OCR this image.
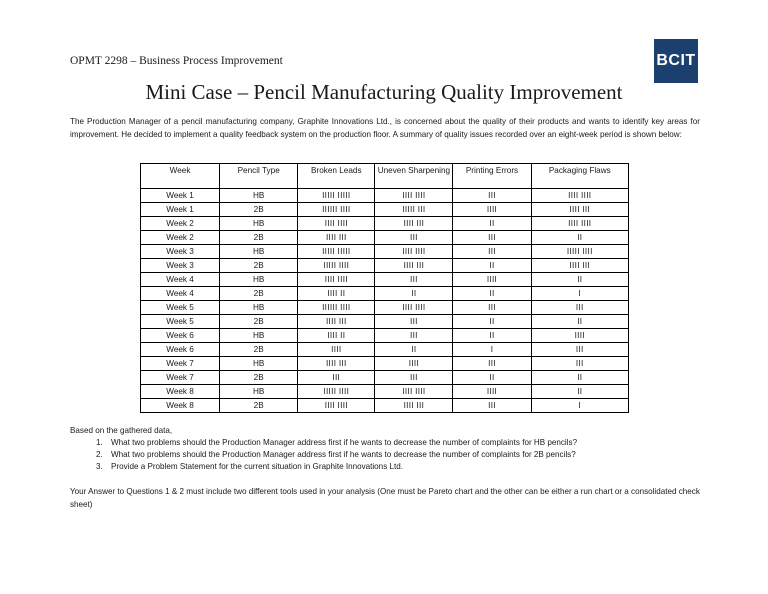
OPMT 2298 – Business Process Improvement	BCIT
Mini Case – Pencil Manufacturing Quality Improvement

The Production Manager of a pencil manufacturing company, Graphite Innovations Ltd., is concerned about the quality of their products and wants to identify key areas for improvement. He decided to implement a quality feedback system on the production floor. A summary of quality issues recorded over an eight-week period is shown below:

Week	Pencil Type	Broken Leads	Uneven Sharpening	Printing Errors	Packaging Flaws
Week 1	HB	IIIII IIIII	IIII IIII	III	IIII IIII
Week 1	2B	IIIIII IIII	IIIII III	IIII	IIII III
Week 2	HB	IIII IIII	IIII III	II	IIII IIII
Week 2	2B	IIII III	III	III	II
Week 3	HB	IIIII IIIII	IIII IIII	III	IIIII IIII
Week 3	2B	IIIII IIII	IIII III	II	IIII III
Week 4	HB	IIII IIII	III	IIII	II
Week 4	2B	IIII II	II	II	I
Week 5	HB	IIIIII IIII	IIII IIII	III	III
Week 5	2B	IIII III	III	II	II
Week 6	HB	IIII II	III	II	IIII
Week 6	2B	IIII	II	I	III
Week 7	HB	IIII III	IIII	III	III
Week 7	2B	III	III	II	II
Week 8	HB	IIIII IIII	IIII IIII	IIII	II
Week 8	2B	IIII IIII	IIII III	III	I
Based on the gathered data,
1. What two problems should the Production Manager address first if he wants to decrease the number of complaints for HB pencils?
2. What two problems should the Production Manager address first if he wants to decrease the number of complaints for 2B pencils?
3. Provide a Problem Statement for the current situation in Graphite Innovations Ltd.

Your Answer to Questions 1 & 2 must include two different tools used in your analysis (One must be Pareto chart and the other can be either a run chart or a consolidated check sheet)
